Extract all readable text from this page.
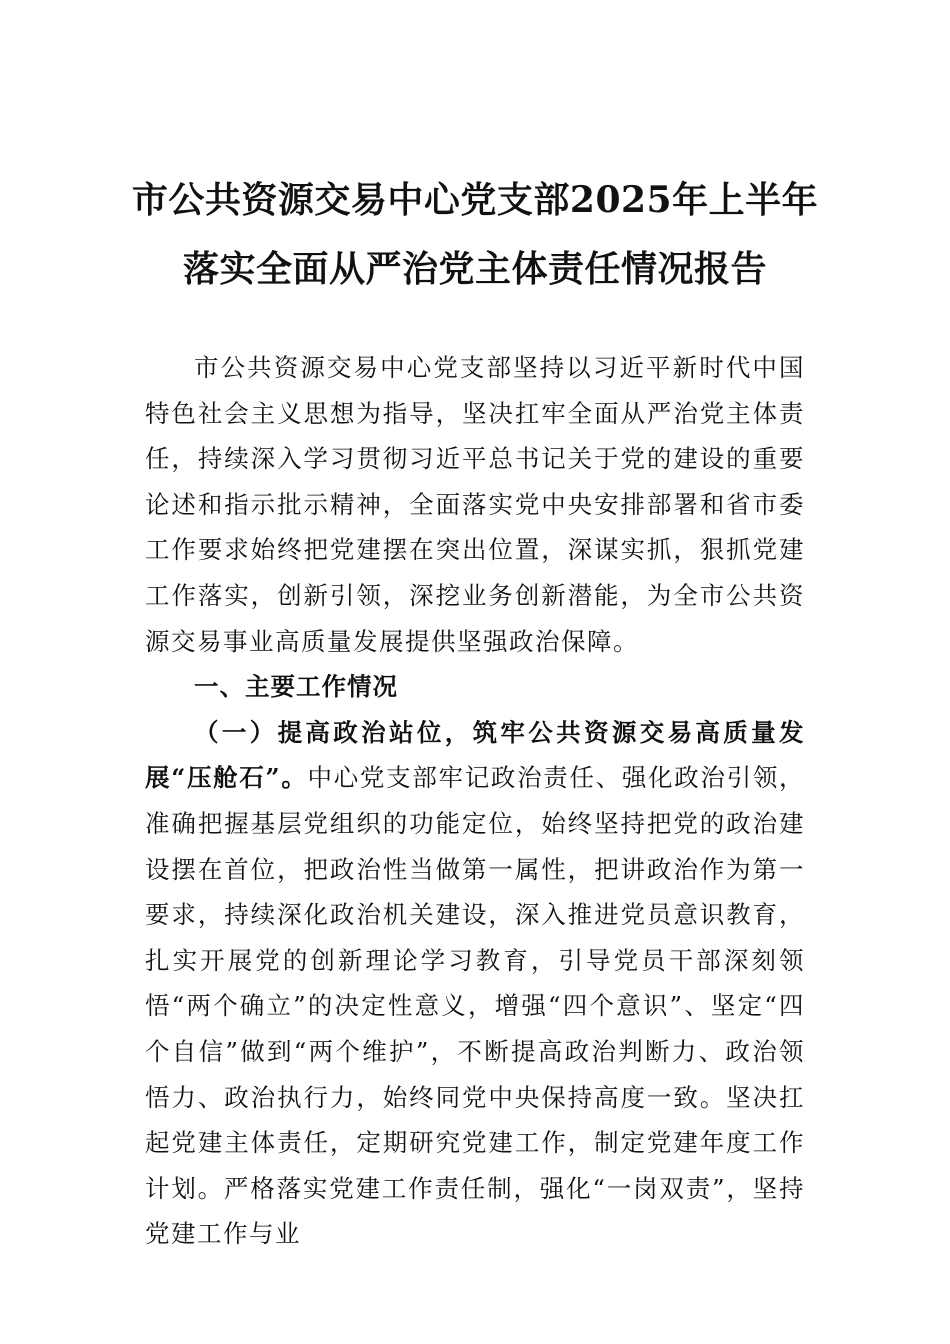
市公共资源交易中心党支部2025年上半年
落实全面从严治党主体责任情况报告

市公共资源交易中心党支部坚持以习近平新时代中国特色社会主义思想为指导，坚决扛牢全面从严治党主体责任，持续深入学习贯彻习近平总书记关于党的建设的重要论述和指示批示精神，全面落实党中央安排部署和省市委工作要求始终把党建摆在突出位置，深谋实抓，狠抓党建工作落实，创新引领，深挖业务创新潜能，为全市公共资源交易事业高质量发展提供坚强政治保障。

一、主要工作情况

（一）提高政治站位，筑牢公共资源交易高质量发展“压舱石”。中心党支部牢记政治责任、强化政治引领，准确把握基层党组织的功能定位，始终坚持把党的政治建设摆在首位，把政治性当做第一属性，把讲政治作为第一要求，持续深化政治机关建设，深入推进党员意识教育，扎实开展党的创新理论学习教育，引导党员干部深刻领悟“两个确立”的决定性意义，增强“四个意识”、坚定“四个自信”做到“两个维护”，不断提高政治判断力、政治领悟力、政治执行力，始终同党中央保持高度一致。坚决扛起党建主体责任，定期研究党建工作，制定党建年度工作计划。严格落实党建工作责任制，强化“一岗双责”，坚持党建工作与业
